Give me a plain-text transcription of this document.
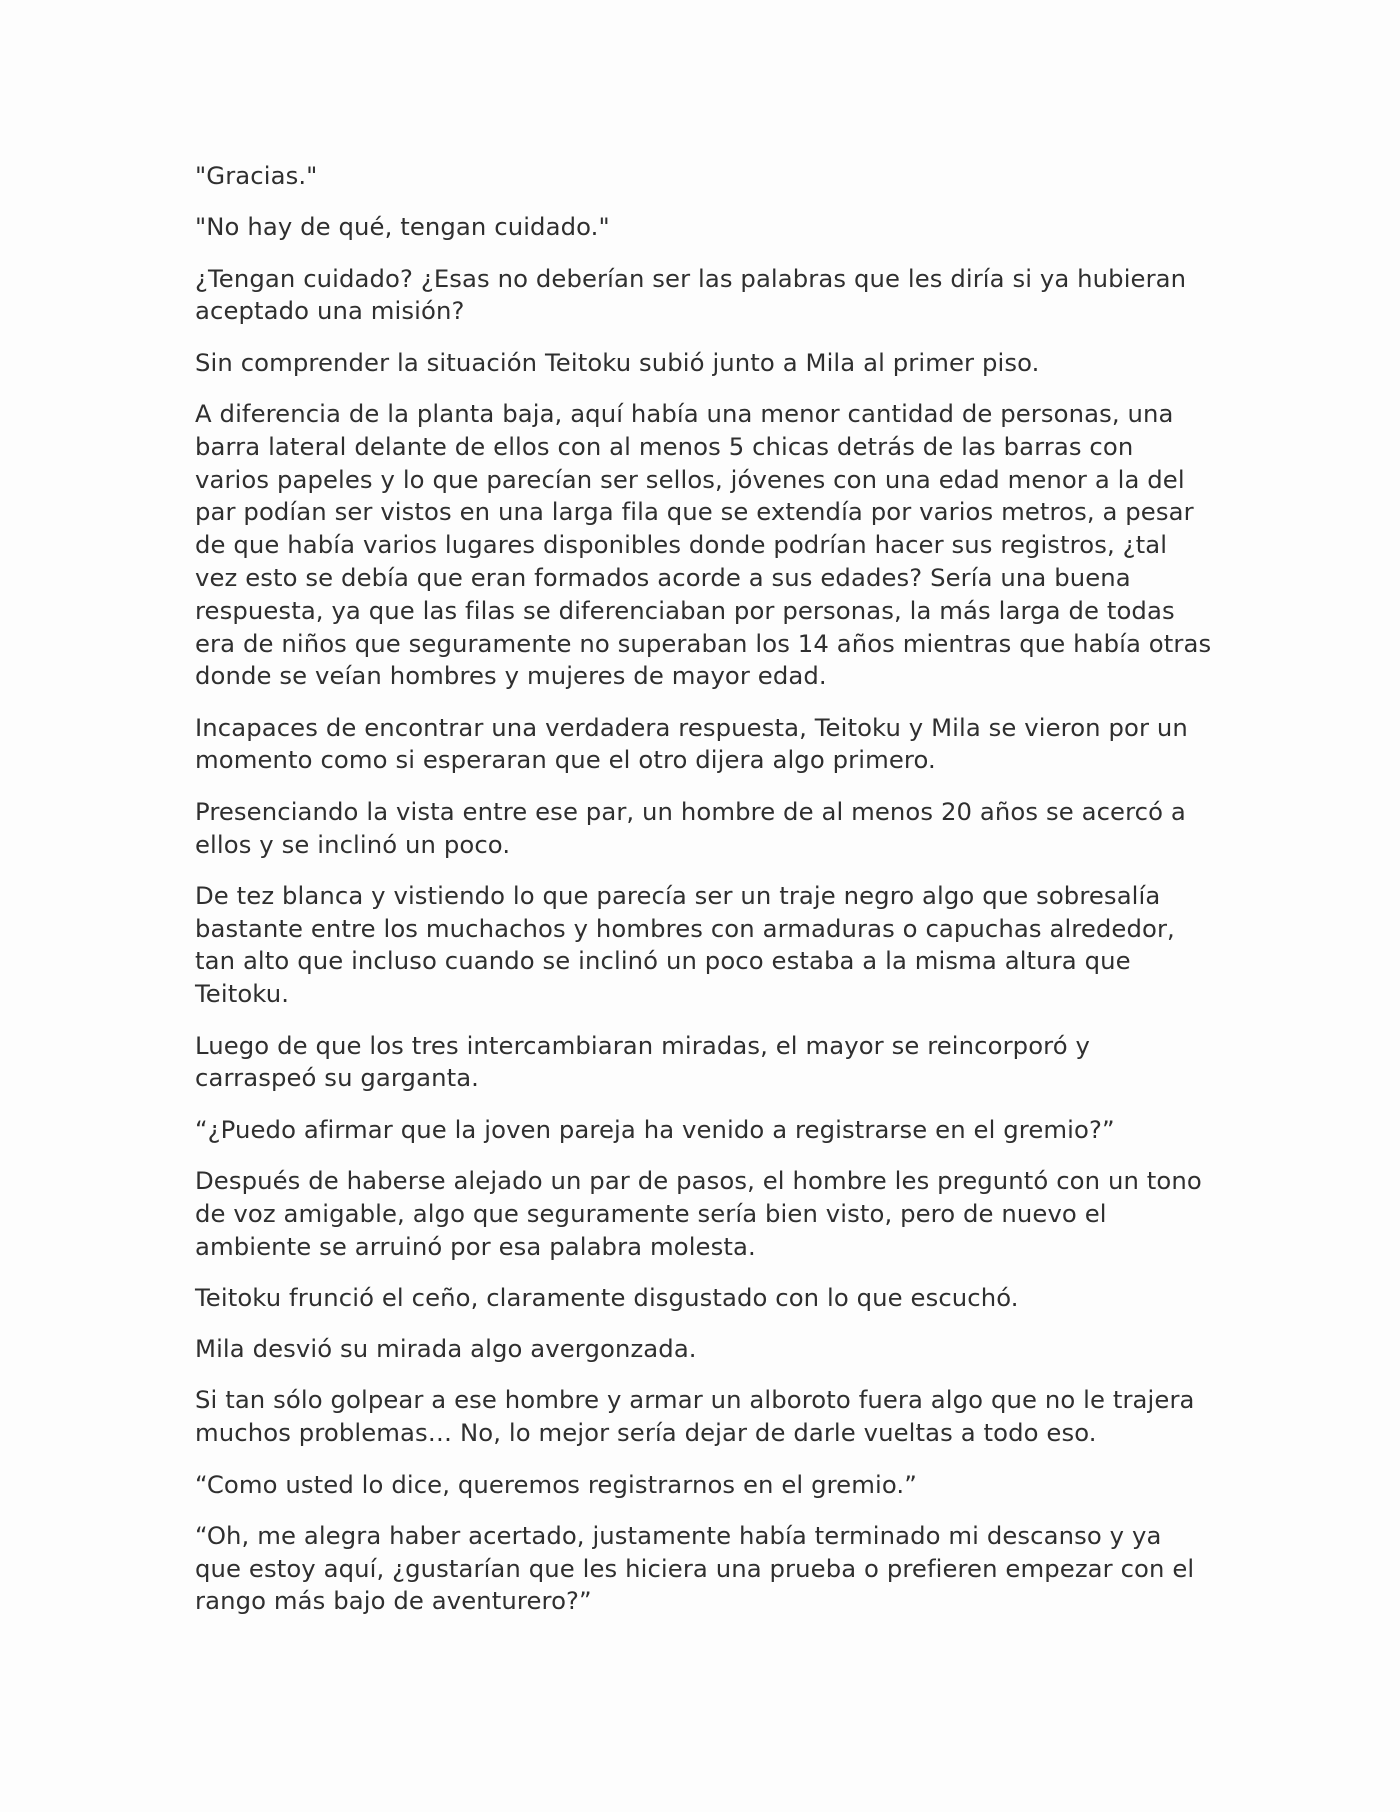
"Gracias."

"No hay de qué, tengan cuidado."

¿Tengan cuidado? ¿Esas no deberían ser las palabras que les diría si ya hubieran aceptado una misión?

Sin comprender la situación Teitoku subió junto a Mila al primer piso.

A diferencia de la planta baja, aquí había una menor cantidad de personas, una barra lateral delante de ellos con al menos 5 chicas detrás de las barras con varios papeles y lo que parecían ser sellos, jóvenes con una edad menor a la del par podían ser vistos en una larga fila que se extendía por varios metros, a pesar de que había varios lugares disponibles donde podrían hacer sus registros, ¿tal vez esto se debía que eran formados acorde a sus edades? Sería una buena respuesta, ya que las filas se diferenciaban por personas, la más larga de todas era de niños que seguramente no superaban los 14 años mientras que había otras donde se veían hombres y mujeres de mayor edad.

Incapaces de encontrar una verdadera respuesta, Teitoku y Mila se vieron por un momento como si esperaran que el otro dijera algo primero.

Presenciando la vista entre ese par, un hombre de al menos 20 años se acercó a ellos y se inclinó un poco.

De tez blanca y vistiendo lo que parecía ser un traje negro algo que sobresalía bastante entre los muchachos y hombres con armaduras o capuchas alrededor, tan alto que incluso cuando se inclinó un poco estaba a la misma altura que Teitoku.

Luego de que los tres intercambiaran miradas, el mayor se reincorporó y carraspeó su garganta.

“¿Puedo afirmar que la joven pareja ha venido a registrarse en el gremio?”

Después de haberse alejado un par de pasos, el hombre les preguntó con un tono de voz amigable, algo que seguramente sería bien visto, pero de nuevo el ambiente se arruinó por esa palabra molesta.

Teitoku frunció el ceño, claramente disgustado con lo que escuchó.

Mila desvió su mirada algo avergonzada.

Si tan sólo golpear a ese hombre y armar un alboroto fuera algo que no le trajera muchos problemas… No, lo mejor sería dejar de darle vueltas a todo eso.

“Como usted lo dice, queremos registrarnos en el gremio.”

“Oh, me alegra haber acertado, justamente había terminado mi descanso y ya que estoy aquí, ¿gustarían que les hiciera una prueba o prefieren empezar con el rango más bajo de aventurero?”
